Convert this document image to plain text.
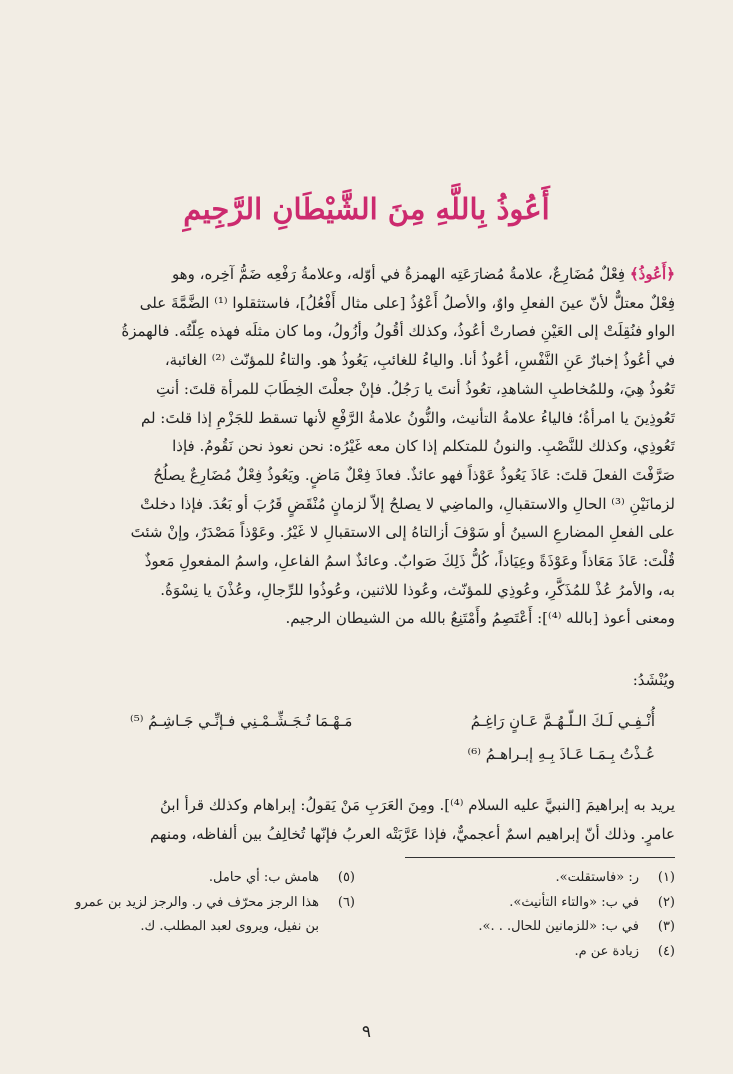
أَعُوذُ بِاللَّهِ مِنَ الشَّيْطَانِ الرَّجِيمِ
﴿أَعُوذُ﴾ فِعْلٌ مُضَارِعٌ، علامةُ مُضارَعَتِه الهمزةُ في أوّله، وعلامةُ رَفْعِه ضَمُّ آخِره، وهو
فِعْلٌ معتلٌّ لأنّ عينَ الفعلِ واوٌ، والأصلُ أَعْوُذُ [على مثال أَفْعُلُ]، فاستثقلوا ⁽¹⁾ الضَّمَّةَ على
الواو فنُقِلَتْ إلى العَيْنِ فصارتْ أعُوذُ، وكذلك أقُولُ وأزُولُ، وما كان مثلَه فهذه عِلّتُه. فالهمزةُ
في أعُوذُ إخبارٌ عَنِ النَّفْسِ، أعُوذُ أنا. والياءُ للغائبِ، يَعُوذُ هو. والتاءُ للمؤنّث ⁽²⁾ الغائبة،
تَعُوذُ هِيَ، وللمُخاطبِ الشاهدِ، تعُوذُ أنتَ يا رَجُلُ. فإنْ جعلْتَ الخِطَابَ للمرأة قلتَ: أنتِ
تَعُوذِينَ يا امرأةُ؛ فالياءُ علامةُ التأنيث، والنُّونُ علامةُ الرَّفْعِ لأنها تسقط للجَزْمِ إذا قلتَ: لم
تَعُوذِي، وكذلك للنَّصْبِ. والنونُ للمتكلم إذا كان معه غَيْرُه: نحن نعوذ نحن نَقُومُ. فإذا
صَرَّفْتَ الفعلَ قلتَ: عَاذَ يَعُوذُ عَوْذاً فهو عائذٌ. فعاذَ فِعْلٌ مَاضٍ. ويَعُوذُ فِعْلٌ مُضَارِعٌ يصلُحُ
لزمانَيْنِ ⁽³⁾ الحالِ والاستقبالِ، والماضِي لا يصلحُ إلاّ لزمانٍ مُنْقَضٍ قَرُبَ أو بَعُدَ. فإذا دخلتْ
على الفعلِ المضارعِ السينُ أو سَوْفَ أزالتاهُ إلى الاستقبالِ لا غَيْرُ. وعَوْذاً مَصْدَرٌ، وإنْ شئتَ
قُلْتَ: عَاذَ مَعَاذاً وعَوْذَةً وعِيَاذاً، كُلُّ ذَلِكَ صَوابٌ. وعائذٌ اسمُ الفاعلِ، واسمُ المفعولِ مَعوذٌ
به، والأمرُ عُذْ للمُذَكَّرِ، وعُوذِي للمؤنّث، وعُوذا للاثنين، وعُوذُوا للرِّجالِ، وعُذْنَ يا نِسْوَةُ.
ومعنى أعوذ [بالله ⁽⁴⁾]: أَعْتَصِمُ وأَمْتَنِعُ بالله من الشيطان الرجيم.
ويُنْشَدُ:
أُنْـفِـي لَـكَ الـلّـهُـمَّ عَـانٍ رَاغِـمُ
مَـهْـمَا تُـجَـشِّـمْـنِي فـإنِّـي جَـاشِـمُ ⁽⁵⁾
عُـذْتُ بِـمَـا عَـاذَ بِـهِ إبـراهـمُ ⁽⁶⁾
يريد به إبراهيمَ [النبيَّ عليه السلام ⁽⁴⁾]. ومِنَ العَرَبِ مَنْ يَقولُ: إبراهام وكذلك قرأ ابنُ
عامرٍ. وذلك أنّ إبراهيم اسمٌ أعجميٌّ، فإذا عَرَّبَتْه العربُ فإنّها تُخالِفُ بين ألفاظه، ومنهم
(١)ر: «فاستقلت».
(٢)في ب: «والتاء التأنيث».
(٣)في ب: «للزمانين للحال. . .».
(٤)زيادة عن م.
(٥)هامش ب: أي حامل.
(٦)هذا الرجز محرّف في ر. والرجز لزيد بن عمرو
بن نفيل، ويروى لعبد المطلب. ك.
٩
